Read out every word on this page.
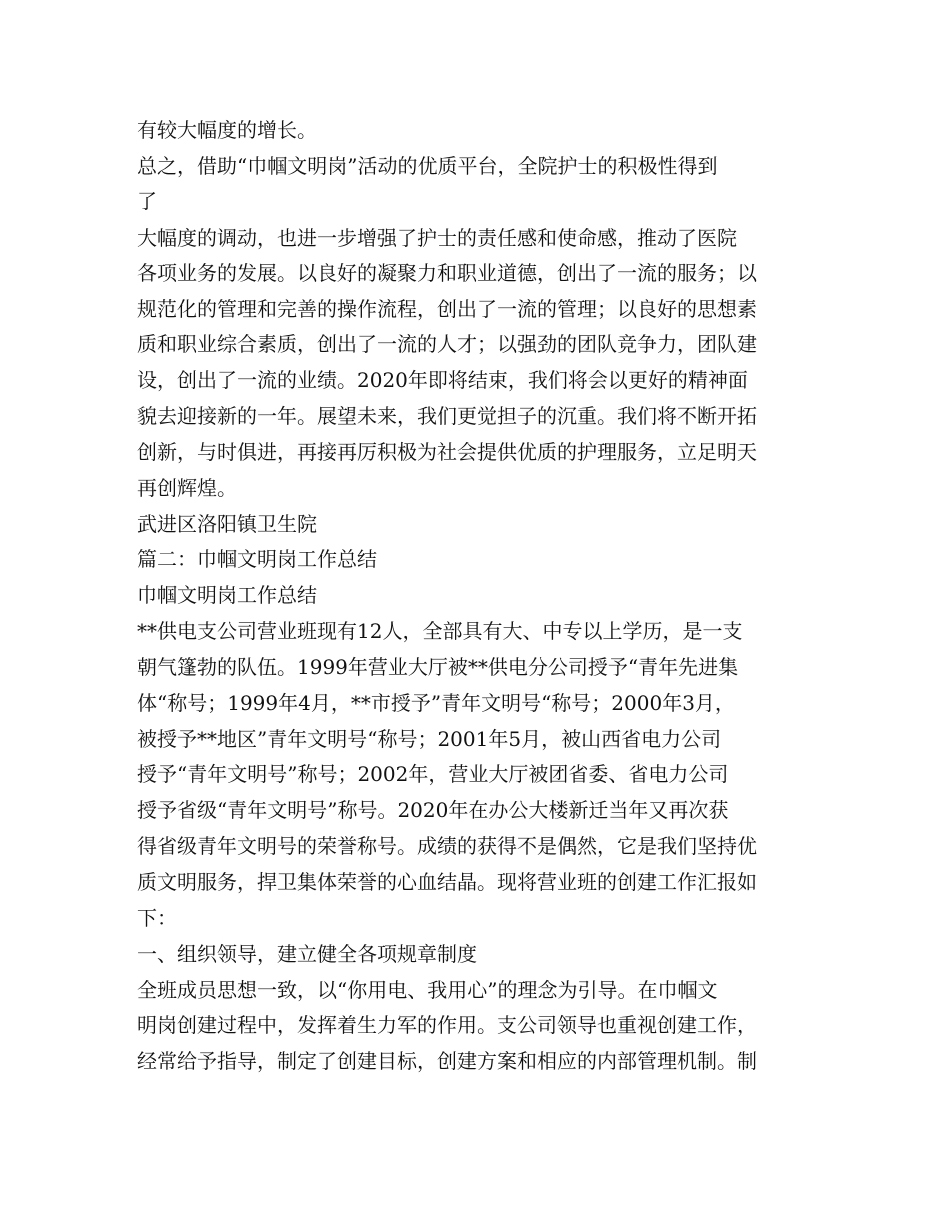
有较大幅度的增长。

总之，借助“巾帼文明岗”活动的优质平台，全院护士的积极性得到

了

大幅度的调动，也进一步增强了护士的责任感和使命感，推动了医院

各项业务的发展。以良好的凝聚力和职业道德，创出了一流的服务；以

规范化的管理和完善的操作流程，创出了一流的管理；以良好的思想素

质和职业综合素质，创出了一流的人才；以强劲的团队竞争力，团队建

设，创出了一流的业绩。2020年即将结束，我们将会以更好的精神面

貌去迎接新的一年。展望未来，我们更觉担子的沉重。我们将不断开拓

创新，与时俱进，再接再厉积极为社会提供优质的护理服务，立足明天

再创辉煌。

武进区洛阳镇卫生院

篇二：巾帼文明岗工作总结

巾帼文明岗工作总结

**供电支公司营业班现有12人，全部具有大、中专以上学历，是一支

朝气篷勃的队伍。1999年营业大厅被**供电分公司授予“青年先进集

体“称号；1999年4月，**市授予”青年文明号“称号；2000年3月，

被授予**地区”青年文明号“称号；2001年5月，被山西省电力公司

授予“青年文明号”称号；2002年，营业大厅被团省委、省电力公司

授予省级“青年文明号”称号。2020年在办公大楼新迁当年又再次获

得省级青年文明号的荣誉称号。成绩的获得不是偶然，它是我们坚持优

质文明服务，捍卫集体荣誉的心血结晶。现将营业班的创建工作汇报如

下：

一、组织领导，建立健全各项规章制度

全班成员思想一致，以“你用电、我用心”的理念为引导。在巾帼文

明岗创建过程中，发挥着生力军的作用。支公司领导也重视创建工作，

经常给予指导，制定了创建目标，创建方案和相应的内部管理机制。制
